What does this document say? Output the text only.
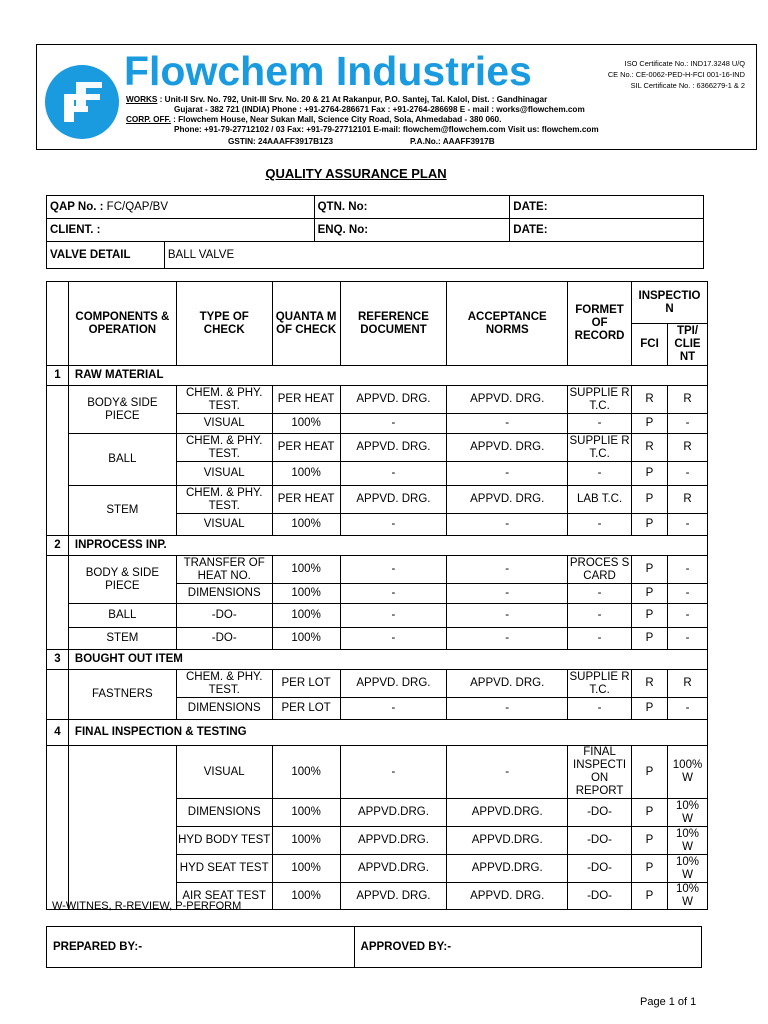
Flowchem Industries
WORKS : Unit-II Srv. No. 792, Unit-III Srv. No. 20 & 21 At Rakanpur, P.O. Santej, Tal. Kalol, Dist. : Gandhinagar
Gujarat - 382 721 (INDIA) Phone : +91-2764-286671 Fax : +91-2764-286698 E - mail : works@flowchem.com
CORP. OFF. : Flowchem House, Near Sukan Mall, Science City Road, Sola, Ahmedabad - 380 060.
Phone: +91-79-27712102 / 03 Fax: +91-79-27712101 E-mail: flowchem@flowchem.com Visit us: flowchem.com
GSTIN: 24AAAFF3917B1Z3	P.A.No.: AAAFF3917B
ISO Certificate No.: IND17.3248 U/Q
CE No.: CE-0062-PED-H-FCI 001-16-IND
SIL Certificate No. : 6366279-1 & 2
QUALITY ASSURANCE PLAN
QAP No. : FC/QAP/BV		QTN. No:	DATE:
CLIENT. :		ENQ. No:	DATE:
VALVE DETAIL	BALL VALVE		
	COMPONENTS & OPERATION	TYPE OF CHECK	QUANTA M OF CHECK	REFERENCE DOCUMENT	ACCEPTANCE NORMS	FORMET OF RECORD	INSPECTIO N	
							FCI	TPI/ CLIE NT
1	RAW MATERIAL							
	BODY& SIDE PIECE	CHEM. & PHY. TEST.	PER HEAT	APPVD. DRG.	APPVD. DRG.	SUPPLIE R T.C.	R	R
		VISUAL	100%	-	-	-	P	-
	BALL	CHEM. & PHY. TEST.	PER HEAT	APPVD. DRG.	APPVD. DRG.	SUPPLIE R T.C.	R	R
		VISUAL	100%	-	-	-	P	-
	STEM	CHEM. & PHY. TEST.	PER HEAT	APPVD. DRG.	APPVD. DRG.	LAB T.C.	P	R
		VISUAL	100%	-	-	-	P	-
2	INPROCESS INP.							
	BODY & SIDE PIECE	TRANSFER OF HEAT NO.	100%	-	-	PROCES S CARD	P	-
		DIMENSIONS	100%	-	-	-	P	-
	BALL	-DO-	100%	-	-	-	P	-
	STEM	-DO-	100%	-	-	-	P	-
3	BOUGHT OUT ITEM							
	FASTNERS	CHEM. & PHY. TEST.	PER LOT	APPVD. DRG.	APPVD. DRG.	SUPPLIE R T.C.	R	R
		DIMENSIONS	PER LOT	-	-	-	P	-
4	FINAL INSPECTION & TESTING							
		VISUAL	100%	-	-	FINAL INSPECTI ON REPORT	P	100% W
		DIMENSIONS	100%	APPVD.DRG.	APPVD.DRG.	-DO-	P	10% W
		HYD BODY TEST	100%	APPVD.DRG.	APPVD.DRG.	-DO-	P	10% W
		HYD SEAT TEST	100%	APPVD.DRG.	APPVD.DRG.	-DO-	P	10% W
		AIR SEAT TEST	100%	APPVD. DRG.	APPVD. DRG.	-DO-	P	10% W
W-WITNES, R-REVIEW, P-PERFORM
PREPARED BY:-	APPROVED BY:-
Page 1 of 1
